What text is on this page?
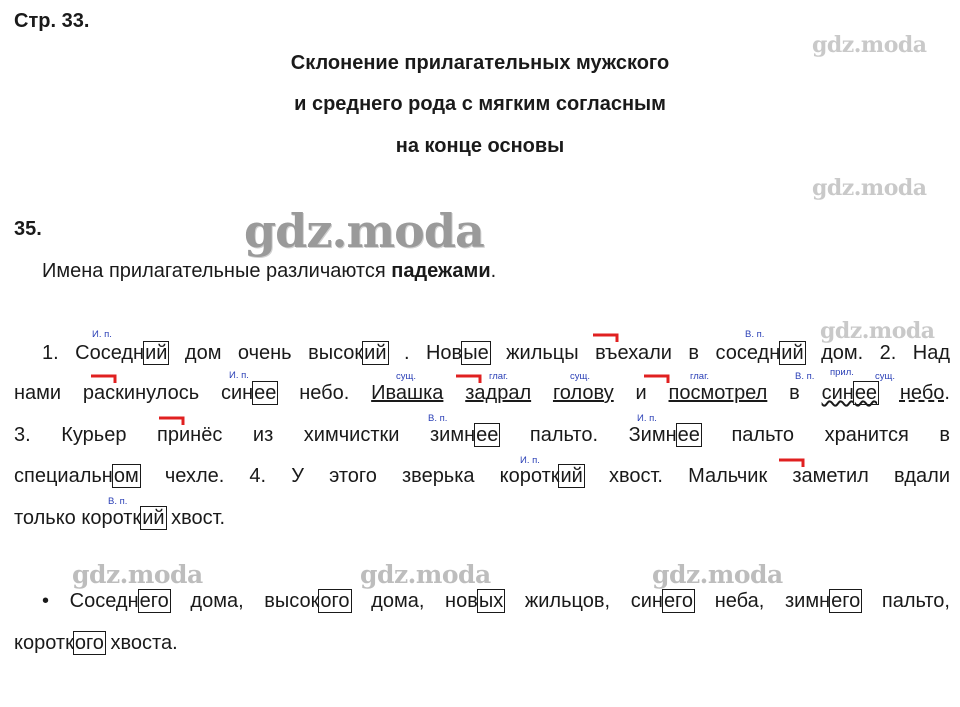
Стр. 33.
Склонение прилагательных мужского
и среднего рода с мягким согласным
на конце основы
gdz.moda
gdz.moda
gdz.moda
gdz.moda
gdz.moda	gdz.moda	gdz.moda
35.
Имена прилагательные различаются падежами.
И. п.	В. п.
И. п.	сущ.	глаг.	сущ.	глаг.	В. п. прил. сущ.
В. п.	И. п.
И. п.
В. п.
1. Соседний дом очень высокий . Новые жильцы въехали в соседний дом. 2. Над
нами раскинулось синее небо. Ивашка задрал голову и посмотрел в синее небо.
3. Курьер принёс из химчистки зимнее пальто. Зимнее пальто хранится в
специальном чехле. 4. У этого зверька короткий хвост. Мальчик заметил вдали
только короткий хвост.
• Соседнего дома, высокого дома, новых жильцов, синего неба, зимнего пальто,
короткого хвоста.
